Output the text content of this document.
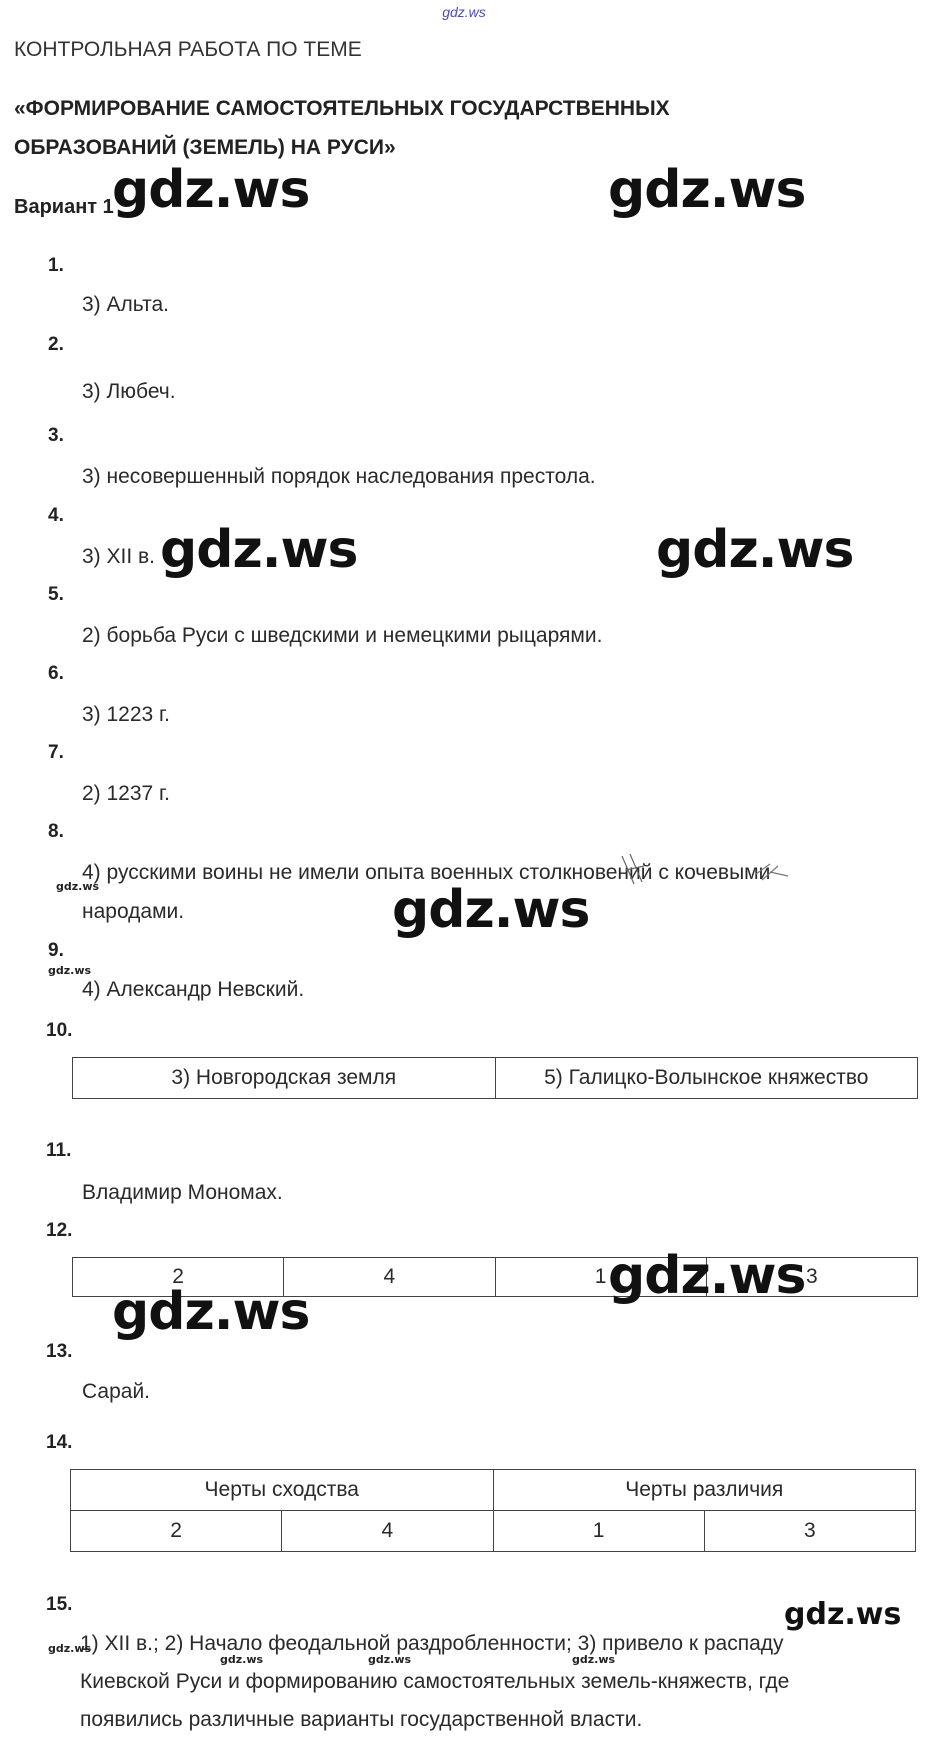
gdz.ws
КОНТРОЛЬНАЯ РАБОТА ПО ТЕМЕ
«ФОРМИРОВАНИЕ САМОСТОЯТЕЛЬНЫХ ГОСУДАРСТВЕННЫХ
ОБРАЗОВАНИЙ (ЗЕМЕЛЬ) НА РУСИ»
Вариант 1
1.
3) Альта.
2.
3) Любеч.
3.
3) несовершенный порядок наследования престола.
4.
3) XII в.
5.
2) борьба Руси с шведскими и немецкими рыцарями.
6.
3) 1223 г.
7.
2) 1237 г.
8.
4) русскими воины не имели опыта военных столкновений с кочевыми
народами.
9.
4) Александр Невский.
10.
3) Новгородская земля	5) Галицко-Волынское княжество
11.
Владимир Мономах.
12.
2	4	1	3
13.
Сарай.
14.
Черты сходства		Черты различия	
2	4	1	3
15.
1) XII в.; 2) Начало феодальной раздробленности; 3) привело к распаду
Киевской Руси и формированию самостоятельных земель-княжеств, где
появились различные варианты государственной власти.
gdz.ws	gdz.ws
gdz.ws	gdz.ws
gdz.ws
gdz.ws
gdz.ws
gdz.ws
gdz.ws
gdz.ws
gdz.ws
gdz.ws	gdz.ws	gdz.ws
